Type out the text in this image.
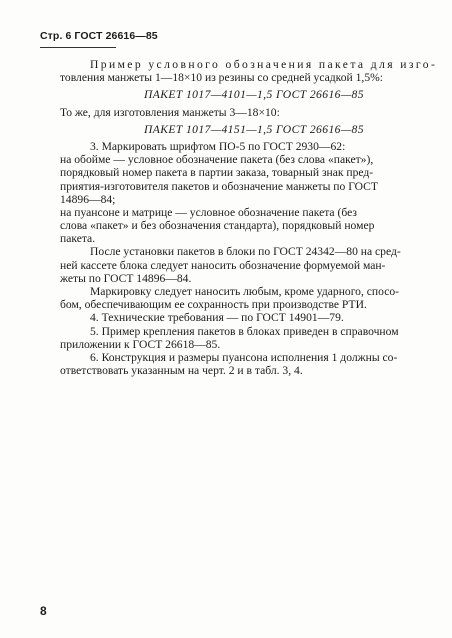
Стр. 6 ГОСТ 26616—85
Пример условного обозначения пакета для изго-
товления манжеты 1—18×10 из резины со средней усадкой 1,5%:
ПАКЕТ 1017—4101—1,5 ГОСТ 26616—85
То же, для изготовления манжеты 3—18×10:
ПАКЕТ 1017—4151—1,5 ГОСТ 26616—85
3. Маркировать шрифтом ПО-5 по ГОСТ 2930—62:
на обойме — условное обозначение пакета (без слова «пакет»),
порядковый номер пакета в партии заказа, товарный знак пред-
приятия-изготовителя пакетов и обозначение манжеты по ГОСТ
14896—84;
на пуансоне и матрице — условное обозначение пакета (без
слова «пакет» и без обозначения стандарта), порядковый номер
пакета.
После установки пакетов в блоки по ГОСТ 24342—80 на сред-
ней кассете блока следует наносить обозначение формуемой ман-
жеты по ГОСТ 14896—84.
Маркировку следует наносить любым, кроме ударного, спосо-
бом, обеспечивающим ее сохранность при производстве РТИ.
4. Технические требования — по ГОСТ 14901—79.
5. Пример крепления пакетов в блоках приведен в справочном
приложении к ГОСТ 26618—85.
6. Конструкция и размеры пуансона исполнения 1 должны со-
ответствовать указанным на черт. 2 и в табл. 3, 4.
8
